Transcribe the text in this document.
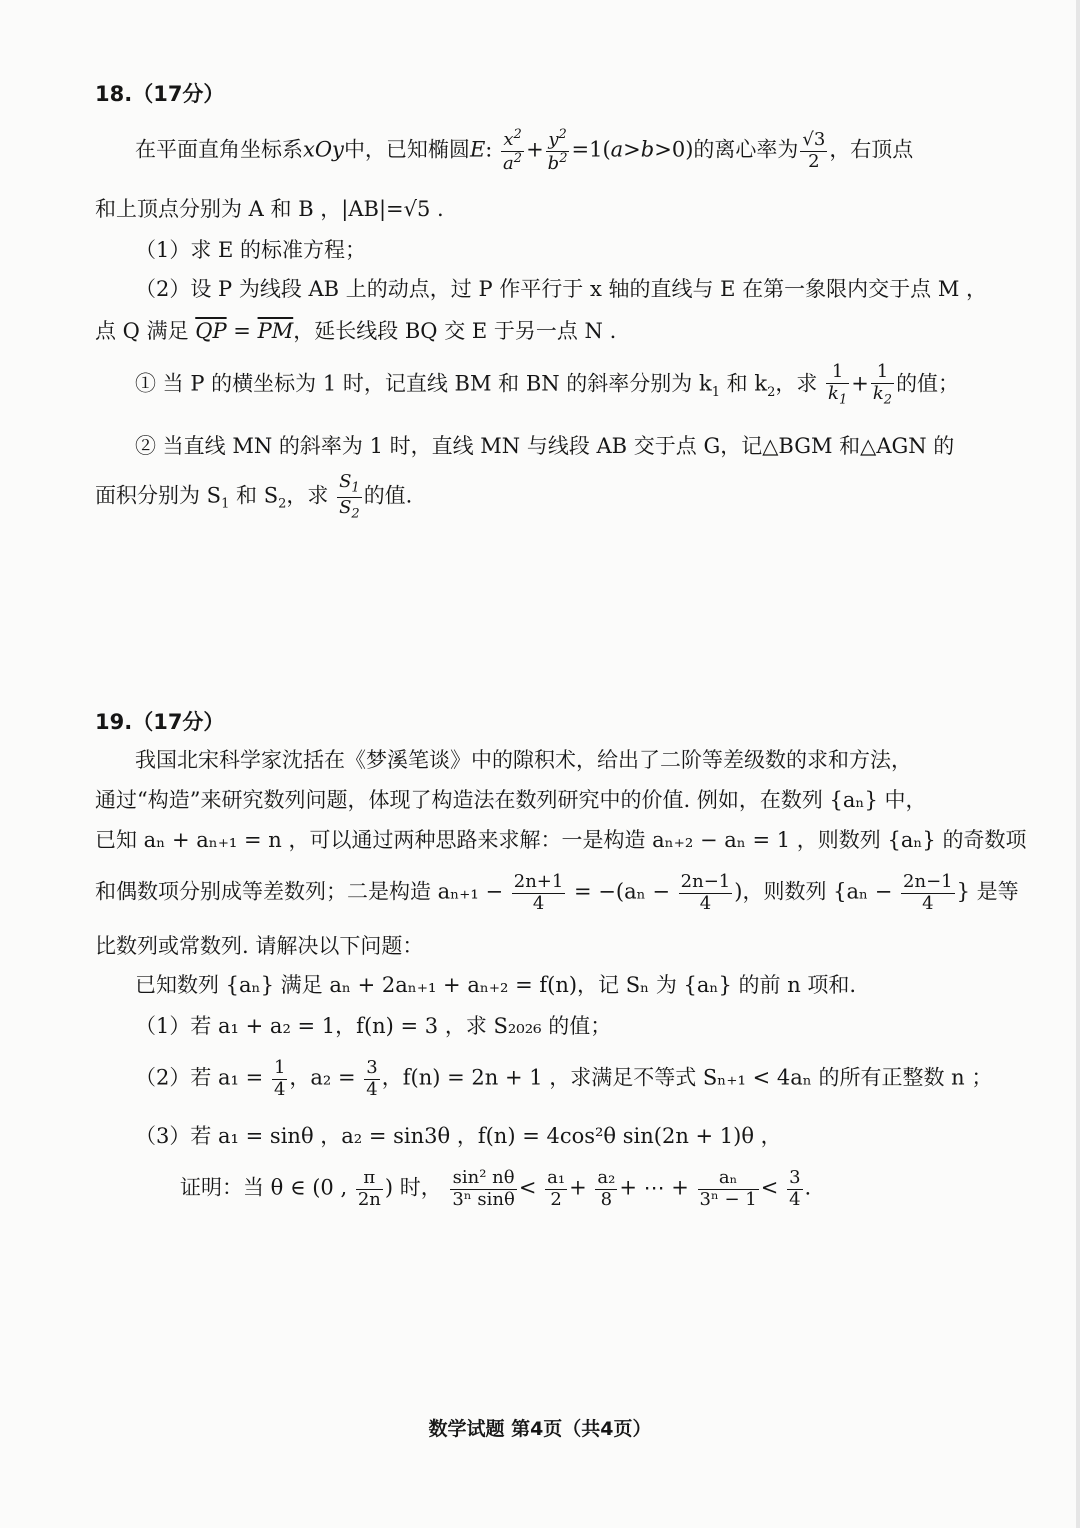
18.（17分）
在平面直角坐标系xOy中，已知椭圆E: $\frac{x^2}{a^2} + \frac{y^2}{b^2} =1(a>b>0)$的离心率为 $\frac{√3}{2}$ ，右顶点
和上顶点分别为 A 和 B ，|AB|=√5 .
（1）求 E 的标准方程；
（2）设 P 为线段 AB 上的动点，过 P 作平行于 x 轴的直线与 E 在第一象限内交于点 M ，
点 Q 满足 $\overline{QP} = \overline{PM}$，延长线段 BQ 交 E 于另一点 N .
① 当 P 的横坐标为 1 时，记直线 BM 和 BN 的斜率分别为 $k_1$ 和 $k_2$，求 $\frac{1}{k_1} + \frac{1}{k_2}$ 的值；
② 当直线 MN 的斜率为 1 时，直线 MN 与线段 AB 交于点 G，记△BGM 和△AGN 的
面积分别为 $S_1$ 和 $S_2$，求 $\frac{S_1}{S_2}$ 的值.
19.（17分）
我国北宋科学家沈括在《梦溪笔谈》中的隙积术，给出了二阶等差级数的求和方法，
通过“构造”来研究数列问题，体现了构造法在数列研究中的价值. 例如，在数列 {aₙ} 中，
已知 aₙ + aₙ₊₁ = n ，可以通过两种思路来求解：一是构造 aₙ₊₂ − aₙ = 1 ，则数列 {aₙ} 的奇数项
和偶数项分别成等差数列；二是构造 $a_{n+1} - \frac{2n+1}{4} = -(a_n - \frac{2n-1}{4}$ )，则数列 {$a_n - \frac{2n-1}{4}$ } 是等
比数列或常数列. 请解决以下问题：
已知数列 {aₙ} 满足 aₙ + 2aₙ₊₁ + aₙ₊₂ = f(n)，记 Sₙ 为 {aₙ} 的前 n 项和.
（1）若 a₁ + a₂ = 1，f(n) = 3 ，求 S₂₀₂₆ 的值；
（2）若 $a_1 = \frac{1}{4}$ ，$a_2 = \frac{3}{4}$ ，f(n) = 2n + 1 ，求满足不等式 Sₙ₊₁ < 4aₙ 的所有正整数 n ；
（3）若 a₁ = sinθ ，a₂ = sin3θ ，f(n) = 4cos²θ sin(2n + 1)θ ，
证明：当 θ ∈ (0 , $\frac{\pi}{2n}$ ) 时， $\frac{\text{sin² nθ}}{\text{3ⁿ sinθ}} < \frac{\text{a₁}}{2} + \frac{\text{a₂}}{8}$ + ⋯ + $\frac{\text{aₙ}}{\text{3ⁿ − 1}} < \frac{3}{4}$ .
数学试题 第4页（共4页）
